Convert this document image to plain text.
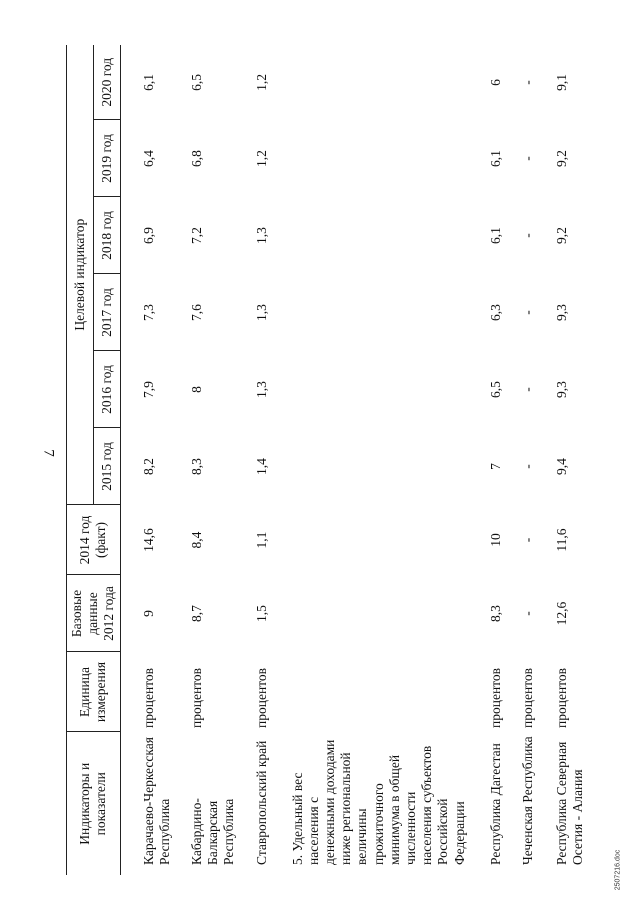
7
2507216.doc
Индикаторы и показатели	Единица измерения	Базовые данные 2012 года	2014 год (факт)	Целевой индикатор					
				2015 год	2016 год	2017 год	2018 год	2019 год	2020 год
Карачаево-Черкесская Республика	процентов	9	14,6	8,2	7,9	7,3	6,9	6,4	6,1
Кабардино-Балкарская Республика	процентов	8,7	8,4	8,3	8	7,6	7,2	6,8	6,5
Ставропольский край	процентов	1,5	1,1	1,4	1,3	1,3	1,3	1,2	1,2
5. Удельный вес населения с денежными доходами ниже региональной величины прожиточного минимума в общей численности населения субъектов Российской Федерации									
Республика Дагестан	процентов	8,3	10	7	6,5	6,3	6,1	6,1	6
Чеченская Республика	процентов	-	-	-	-	-	-	-	-
Республика Северная Осетия - Алания	процентов	12,6	11,6	9,4	9,3	9,3	9,2	9,2	9,1
